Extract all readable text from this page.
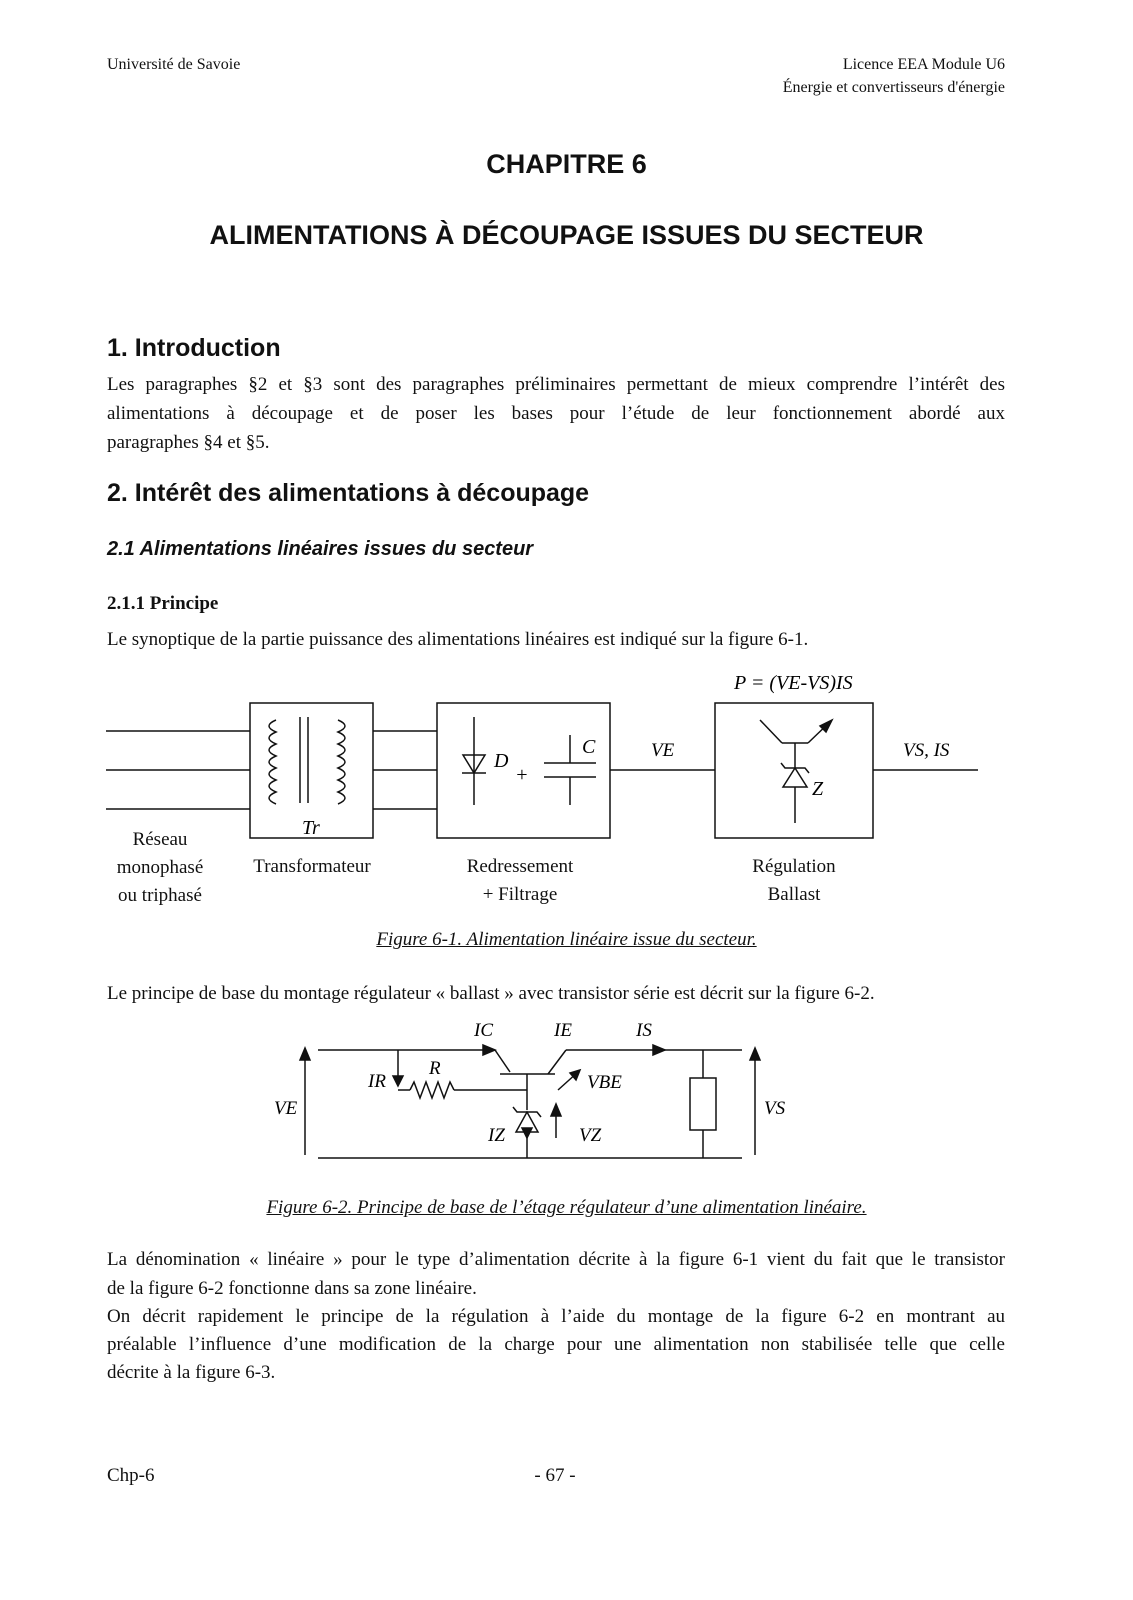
Université de Savoie	Licence EEA Module U6
Énergie et convertisseurs d'énergie
CHAPITRE 6
ALIMENTATIONS À DÉCOUPAGE ISSUES DU SECTEUR
1. Introduction
Les paragraphes §2 et §3 sont des paragraphes préliminaires permettant de mieux comprendre l’intérêt des
alimentations à découpage et de poser les bases pour l’étude de leur fonctionnement abordé aux
paragraphes §4 et §5.
2. Intérêt des alimentations à découpage
2.1 Alimentations linéaires issues du secteur
2.1.1 Principe
Le synoptique de la partie puissance des alimentations linéaires est indiqué sur la figure 6-1.
P = (VE-VS)IS
Tr
D
+
C	VE	VS, IS
Z
Réseau
monophasé
ou triphasé
Transformateur	Redressement
+ Filtrage
Régulation
Ballast
Figure 6-1. Alimentation linéaire issue du secteur.
Le principe de base du montage régulateur « ballast » avec transistor série est décrit sur la figure 6-2.
IC	IE	IS
IR
R
VBE
VE	VS
IZ	VZ
Figure 6-2. Principe de base de l’étage régulateur d’une alimentation linéaire.
La dénomination « linéaire » pour le type d’alimentation décrite à la figure 6-1 vient du fait que le transistor
de la figure 6-2 fonctionne dans sa zone linéaire.
On décrit rapidement le principe de la régulation à l’aide du montage de la figure 6-2 en montrant au
préalable l’influence d’une modification de la charge pour une alimentation non stabilisée telle que celle
décrite à la figure 6-3.
Chp-6	- 67 -
